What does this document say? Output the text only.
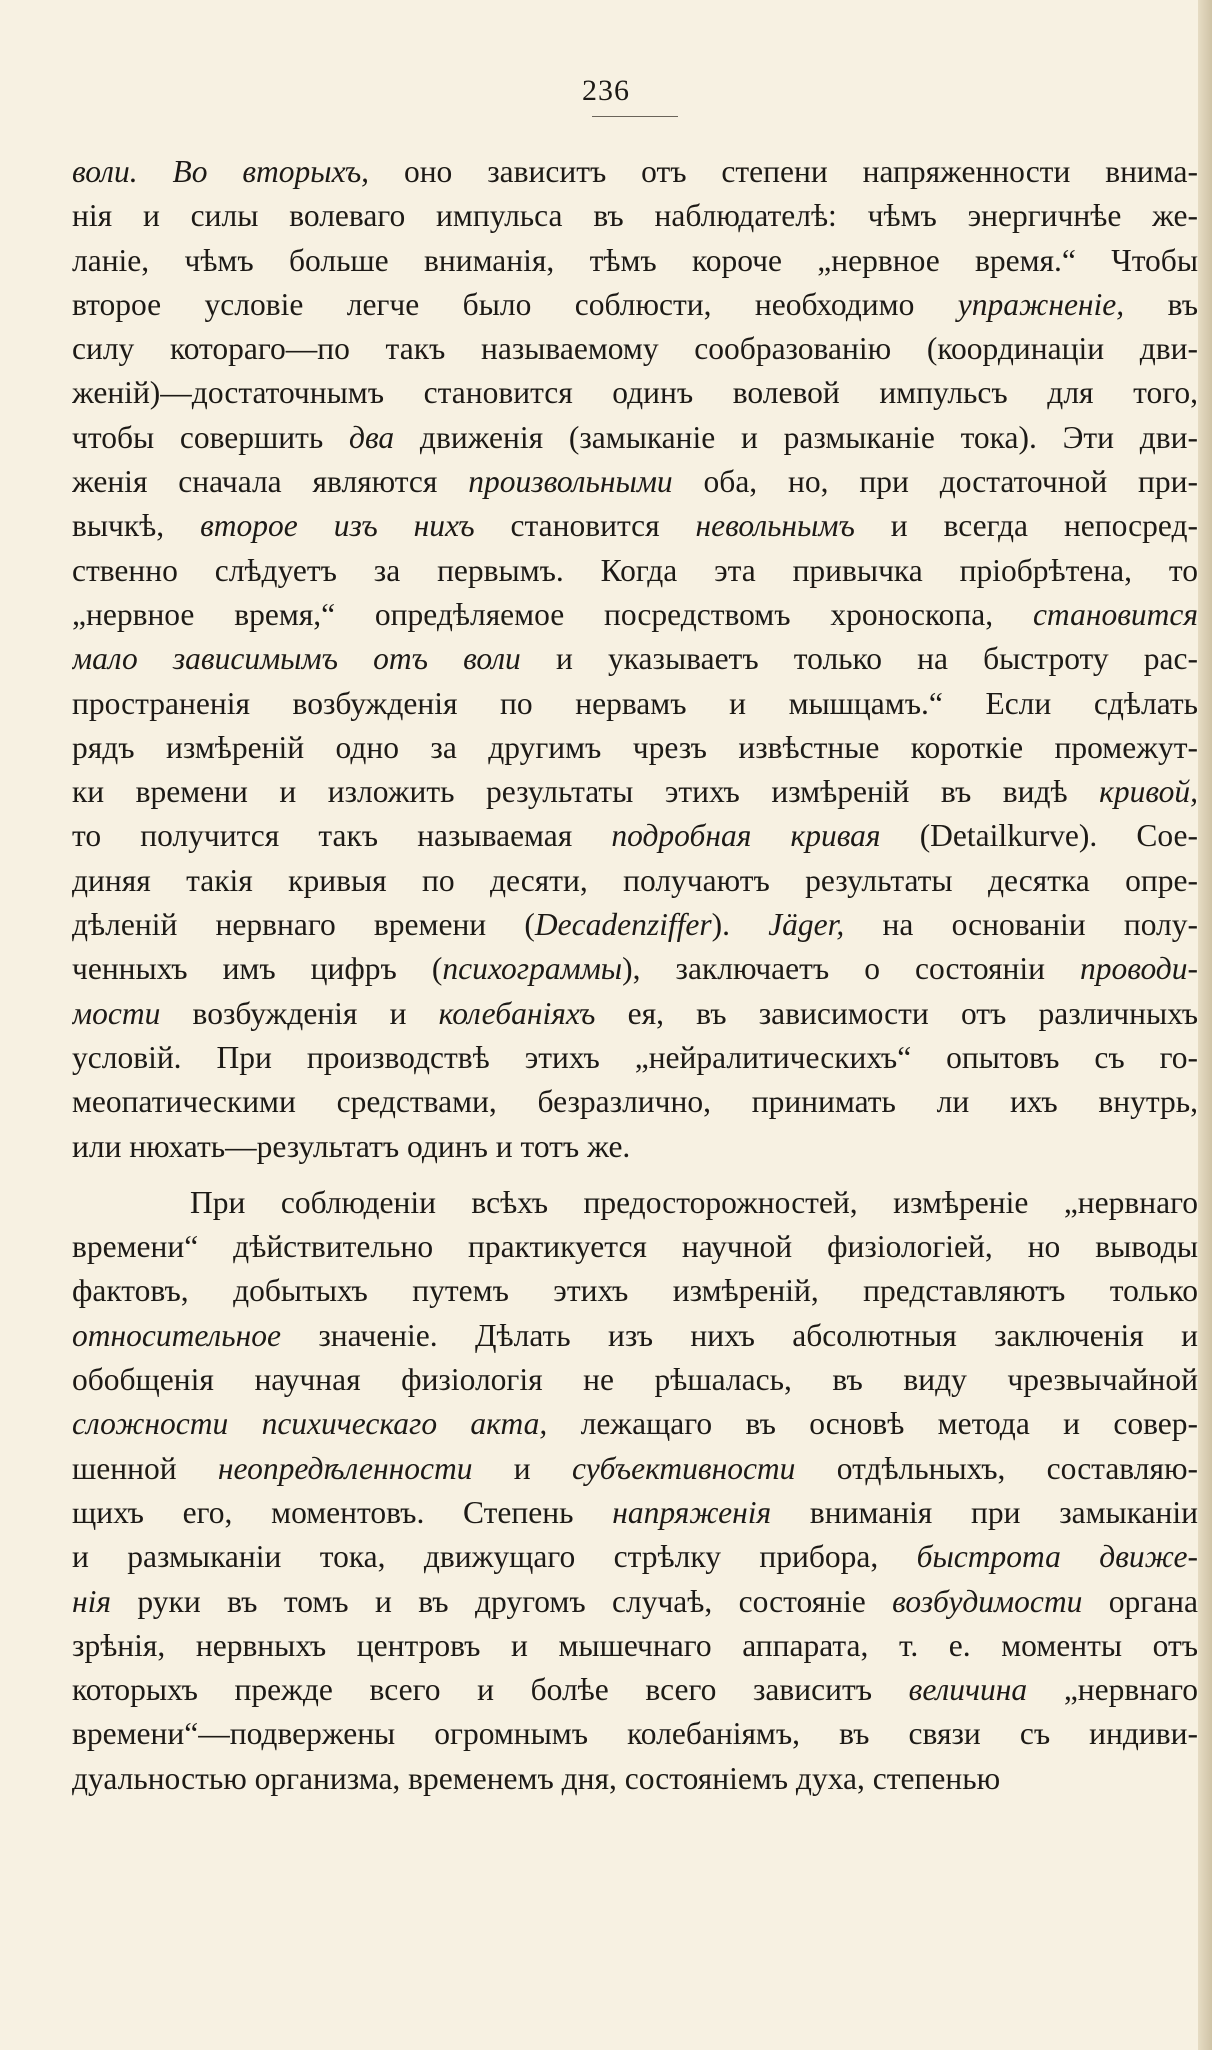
236
воли. Во вторыхъ, оно зависитъ отъ степени напряженности внима-
нія и силы волеваго импульса въ наблюдателѣ: чѣмъ энергичнѣе же-
ланіе, чѣмъ больше вниманія, тѣмъ короче „нервное время.“ Чтобы
второе условіе легче было соблюсти, необходимо упражненіе, въ
силу котораго—по такъ называемому сообразованію (координаціи дви-
женій)—достаточнымъ становится одинъ волевой импульсъ для того,
чтобы совершить два движенія (замыканіе и размыканіе тока). Эти дви-
женія сначала являются произвольными оба, но, при достаточной при-
вычкѣ, второе изъ нихъ становится невольнымъ и всегда непосред-
ственно слѣдуетъ за первымъ. Когда эта привычка пріобрѣтена, то
„нервное время,“ опредѣляемое посредствомъ хроноскопа, становится
мало зависимымъ отъ воли и указываетъ только на быстроту рас-
пространенія возбужденія по нервамъ и мышцамъ.“ Если сдѣлать
рядъ измѣреній одно за другимъ чрезъ извѣстные короткіе промежут-
ки времени и изложить результаты этихъ измѣреній въ видѣ кривой,
то получится такъ называемая подробная кривая (Detailkurve). Сое-
диняя такія кривыя по десяти, получаютъ результаты десятка опре-
дѣленій нервнаго времени (Decadenziffer). Jäger, на основаніи полу-
ченныхъ имъ цифръ (психограммы), заключаетъ о состояніи проводи-
мости возбужденія и колебаніяхъ ея, въ зависимости отъ различныхъ
условій. При производствѣ этихъ „нейралитическихъ“ опытовъ съ го-
меопатическими средствами, безразлично, принимать ли ихъ внутрь,
или нюхать—результатъ одинъ и тотъ же.
При соблюденіи всѣхъ предосторожностей, измѣреніе „нервнаго
времени“ дѣйствительно практикуется научной физіологіей, но выводы
фактовъ, добытыхъ путемъ этихъ измѣреній, представляютъ только
относительное значеніе. Дѣлать изъ нихъ абсолютныя заключенія и
обобщенія научная физіологія не рѣшалась, въ виду чрезвычайной
сложности психическаго акта, лежащаго въ основѣ метода и совер-
шенной неопредѣленности и субъективности отдѣльныхъ, составляю-
щихъ его, моментовъ. Степень напряженія вниманія при замыканіи
и размыканіи тока, движущаго стрѣлку прибора, быстрота движе-
нія руки въ томъ и въ другомъ случаѣ, состояніе возбудимости органа
зрѣнія, нервныхъ центровъ и мышечнаго аппарата, т. е. моменты отъ
которыхъ прежде всего и болѣе всего зависитъ величина „нервнаго
времени“—подвержены огромнымъ колебаніямъ, въ связи съ индиви-
дуальностью организма, временемъ дня, состояніемъ духа, степенью
